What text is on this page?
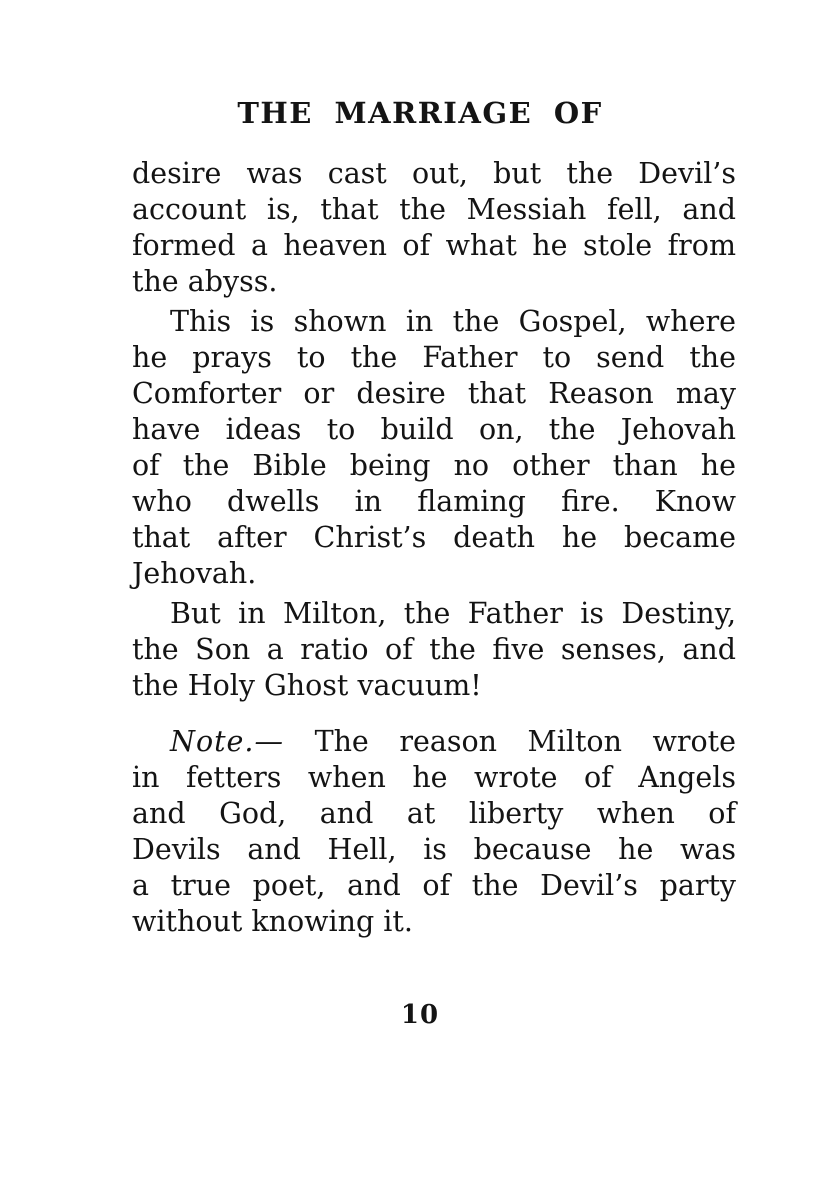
THE MARRIAGE OF
desire was cast out, but the Devil’s
account is, that the Messiah fell, and
formed a heaven of what he stole from
the abyss.
This is shown in the Gospel, where
he prays to the Father to send the
Comforter or desire that Reason may
have ideas to build on, the Jehovah
of the Bible being no other than he
who dwells in flaming fire. Know
that after Christ’s death he became
Jehovah.
But in Milton, the Father is Destiny,
the Son a ratio of the five senses, and
the Holy Ghost vacuum!
Note.— The reason Milton wrote
in fetters when he wrote of Angels
and God, and at liberty when of
Devils and Hell, is because he was
a true poet, and of the Devil’s party
without knowing it.
10
